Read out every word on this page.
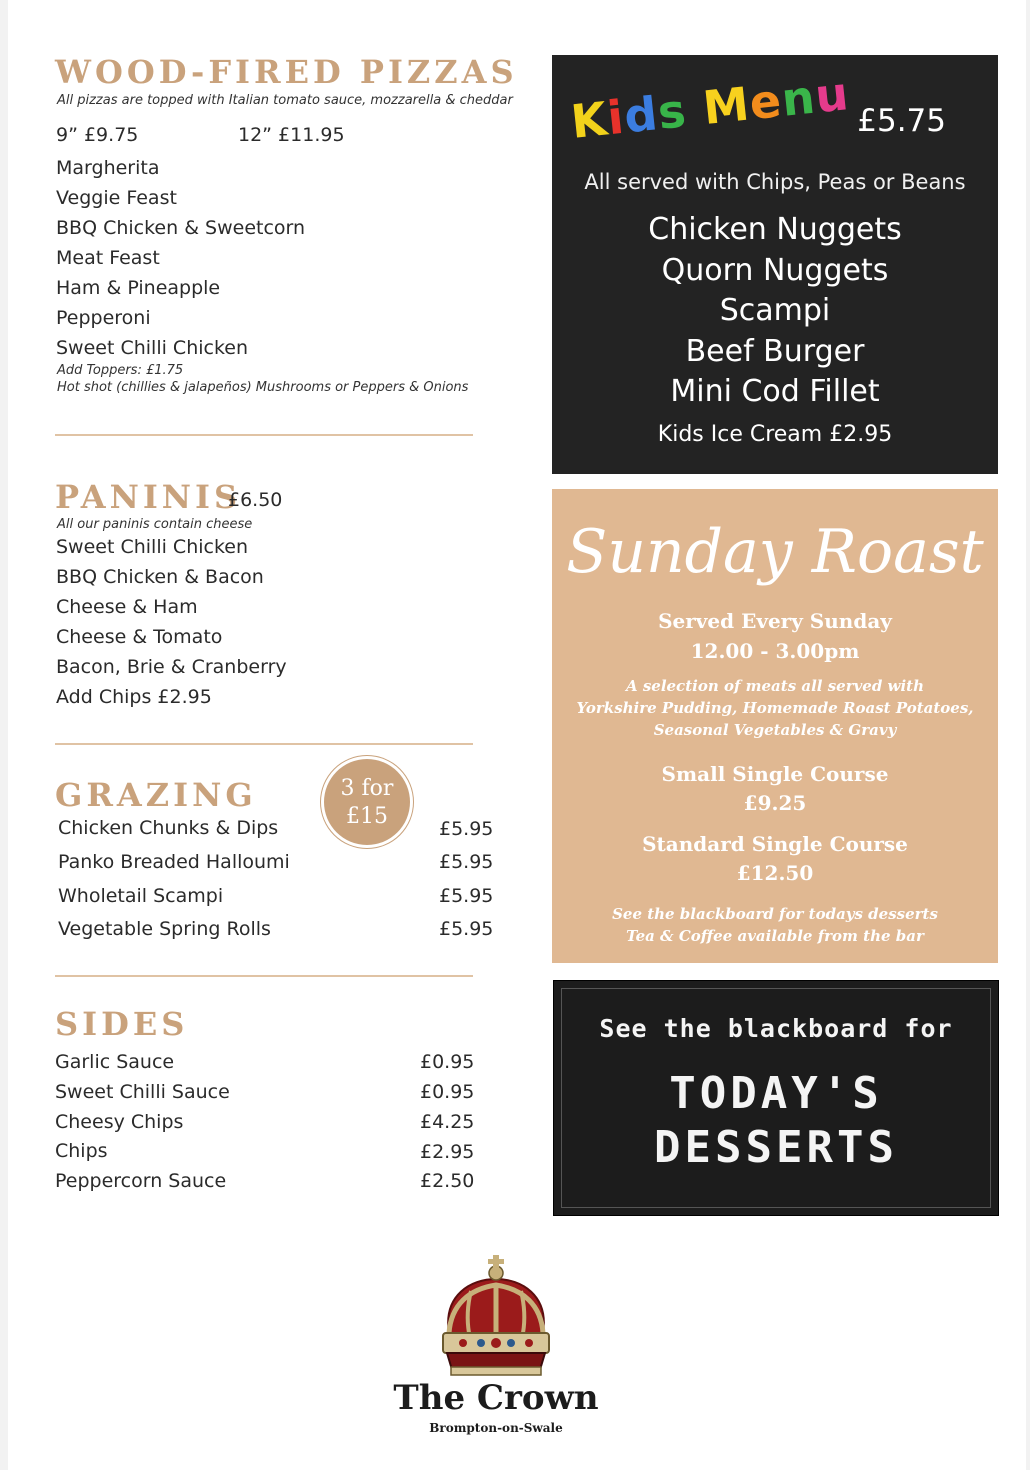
WOOD-FIRED PIZZAS
All pizzas are topped with Italian tomato sauce, mozzarella & cheddar
9” £9.75	12” £11.95
Margherita
Veggie Feast
BBQ Chicken & Sweetcorn
Meat Feast
Ham & Pineapple
Pepperoni
Sweet Chilli Chicken
Add Toppers: £1.75
Hot shot (chillies & jalapeños) Mushrooms or Peppers & Onions
PANINIS
£6.50
All our paninis contain cheese
Sweet Chilli Chicken
BBQ Chicken & Bacon
Cheese & Ham
Cheese & Tomato
Bacon, Brie & Cranberry
Add Chips £2.95
GRAZING	3 for
£15
Chicken Chunks & Dips	£5.95
Panko Breaded Halloumi	£5.95
Wholetail Scampi	£5.95
Vegetable Spring Rolls	£5.95
SIDES
Garlic Sauce	£0.95
Sweet Chilli Sauce	£0.95
Cheesy Chips	£4.25
Chips	£2.95
Peppercorn Sauce	£2.50
Kids Menu £5.75
All served with Chips, Peas or Beans
Chicken Nuggets
Quorn Nuggets
Scampi
Beef Burger
Mini Cod Fillet
Kids Ice Cream £2.95
Sunday Roast
Served Every Sunday
12.00 - 3.00pm
A selection of meats all served with
Yorkshire Pudding, Homemade Roast Potatoes,
Seasonal Vegetables & Gravy
Small Single Course
£9.25
Standard Single Course
£12.50
See the blackboard for todays desserts
Tea & Coffee available from the bar
See the blackboard for
TODAY'S
DESSERTS
The Crown
Brompton-on-Swale
